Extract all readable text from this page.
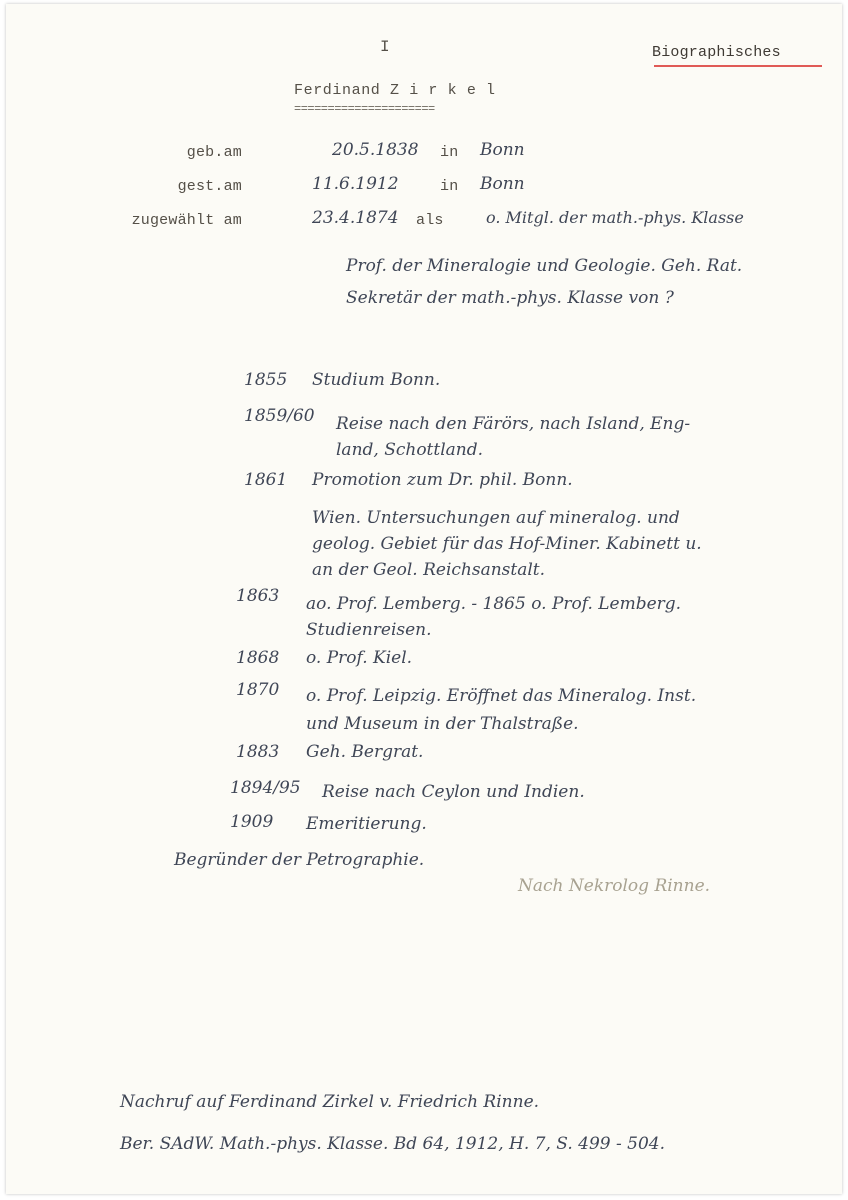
I	Biographisches
Ferdinand Z i r k e l
=====================
geb.am	20.5.1838 in Bonn
gest.am	11.6.1912	in Bonn
zugewählt am	23.4.1874 als	o. Mitgl. der math.-phys. Klasse
Prof. der Mineralogie und Geologie. Geh. Rat.
Sekretär der math.-phys. Klasse von ?
1855 Studium Bonn.
1859/60 Reise nach den Färörs, nach Island, Eng-
land, Schottland.
1861 Promotion zum Dr. phil. Bonn.
Wien. Untersuchungen auf mineralog. und
geolog. Gebiet für das Hof-Miner. Kabinett u.
an der Geol. Reichsanstalt.
1863 ao. Prof. Lemberg. - 1865 o. Prof. Lemberg.
Studienreisen.
1868 o. Prof. Kiel.
1870 o. Prof. Leipzig. Eröffnet das Mineralog. Inst.
und Museum in der Thalstraße.
1883 Geh. Bergrat.
1894/95 Reise nach Ceylon und Indien.
1909 Emeritierung.
Begründer der Petrographie.
Nach Nekrolog Rinne.
Nachruf auf Ferdinand Zirkel v. Friedrich Rinne.
Ber. SAdW. Math.-phys. Klasse. Bd 64, 1912, H. 7, S. 499 - 504.
